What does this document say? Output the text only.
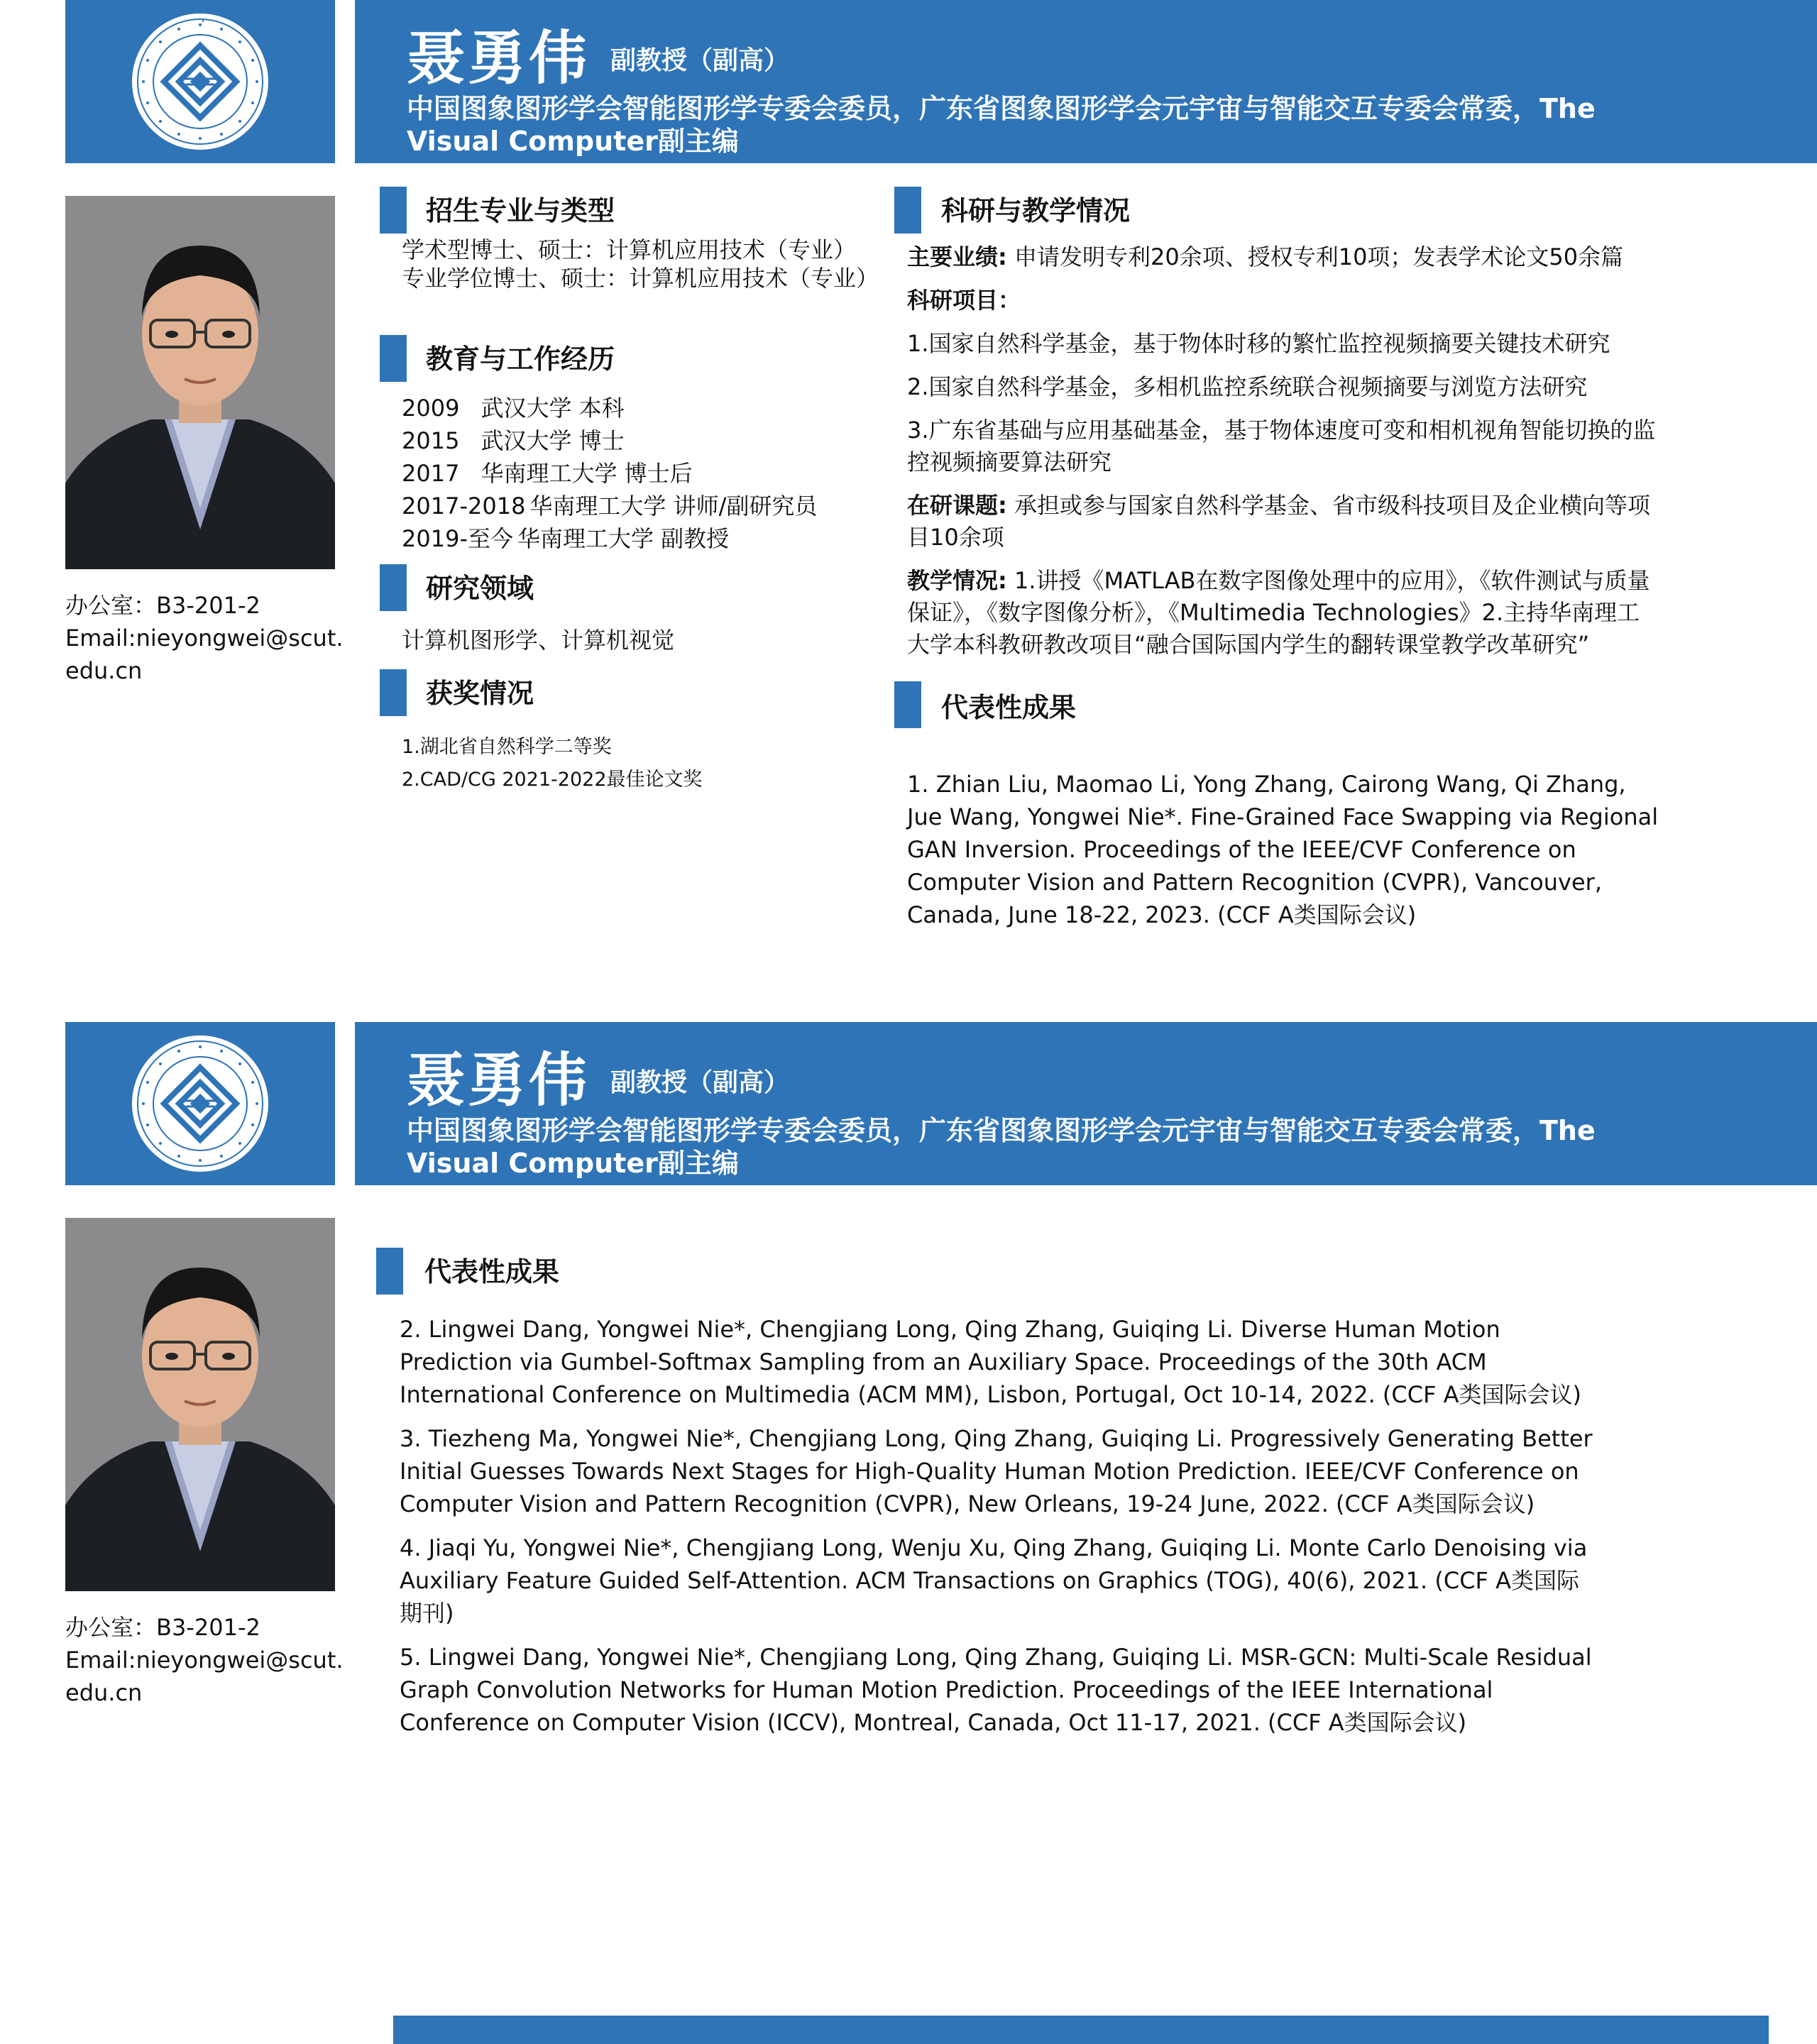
聂勇伟 副教授（副高）
中国图象图形学会智能图形学专委会委员，广东省图象图形学会元宇宙与智能交互专委会常委，The Visual Computer副主编
办公室：B3-201-2
Email:nieyongwei@scut.
edu.cn
招生专业与类型
学术型博士、硕士：计算机应用技术（专业）
专业学位博士、硕士：计算机应用技术（专业）
教育与工作经历
2009 武汉大学 本科
2015 武汉大学 博士
2017 华南理工大学 博士后
2017-2018 华南理工大学 讲师/副研究员
2019-至今 华南理工大学 副教授
研究领域
计算机图形学、计算机视觉
获奖情况
1.湖北省自然科学二等奖
2.CAD/CG 2021-2022最佳论文奖
科研与教学情况
主要业绩: 申请发明专利20余项、授权专利10项；发表学术论文50余篇
科研项目：
1.国家自然科学基金，基于物体时移的繁忙监控视频摘要关键技术研究
2.国家自然科学基金，多相机监控系统联合视频摘要与浏览方法研究
3.广东省基础与应用基础基金，基于物体速度可变和相机视角智能切换的监控视频摘要算法研究
在研课题: 承担或参与国家自然科学基金、省市级科技项目及企业横向等项目10余项
教学情况: 1.讲授《MATLAB在数字图像处理中的应用》，《软件测试与质量保证》，《数字图像分析》，《Multimedia Technologies》2.主持华南理工大学本科教研教改项目“融合国际国内学生的翻转课堂教学改革研究”
代表性成果
1. Zhian Liu, Maomao Li, Yong Zhang, Cairong Wang, Qi Zhang, Jue Wang, Yongwei Nie*. Fine-Grained Face Swapping via Regional GAN Inversion. Proceedings of the IEEE/CVF Conference on Computer Vision and Pattern Recognition (CVPR), Vancouver, Canada, June 18-22, 2023. (CCF A类国际会议)
聂勇伟 副教授（副高）
中国图象图形学会智能图形学专委会委员，广东省图象图形学会元宇宙与智能交互专委会常委，The Visual Computer副主编
办公室：B3-201-2
Email:nieyongwei@scut.
edu.cn
代表性成果
2. Lingwei Dang, Yongwei Nie*, Chengjiang Long, Qing Zhang, Guiqing Li. Diverse Human Motion Prediction via Gumbel-Softmax Sampling from an Auxiliary Space. Proceedings of the 30th ACM International Conference on Multimedia (ACM MM), Lisbon, Portugal, Oct 10-14, 2022. (CCF A类国际会议)
3. Tiezheng Ma, Yongwei Nie*, Chengjiang Long, Qing Zhang, Guiqing Li. Progressively Generating Better Initial Guesses Towards Next Stages for High-Quality Human Motion Prediction. IEEE/CVF Conference on Computer Vision and Pattern Recognition (CVPR), New Orleans, 19-24 June, 2022. (CCF A类国际会议)
4. Jiaqi Yu, Yongwei Nie*, Chengjiang Long, Wenju Xu, Qing Zhang, Guiqing Li. Monte Carlo Denoising via Auxiliary Feature Guided Self-Attention. ACM Transactions on Graphics (TOG), 40(6), 2021. (CCF A类国际期刊)
5. Lingwei Dang, Yongwei Nie*, Chengjiang Long, Qing Zhang, Guiqing Li. MSR-GCN: Multi-Scale Residual Graph Convolution Networks for Human Motion Prediction. Proceedings of the IEEE International Conference on Computer Vision (ICCV), Montreal, Canada, Oct 11-17, 2021. (CCF A类国际会议)
